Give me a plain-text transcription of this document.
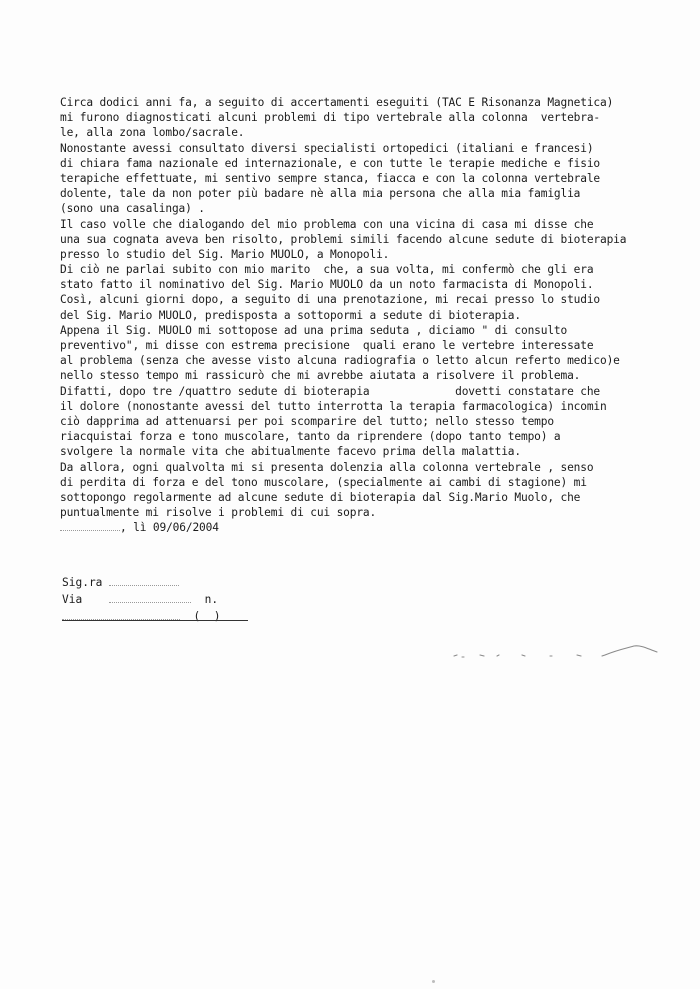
Circa dodici anni fa, a seguito di accertamenti eseguiti (TAC E Risonanza Magnetica)
mi furono diagnosticati alcuni problemi di tipo vertebrale alla colonna  vertebra-
le, alla zona lombo/sacrale.
Nonostante avessi consultato diversi specialisti ortopedici (italiani e francesi)
di chiara fama nazionale ed internazionale, e con tutte le terapie mediche e fisio
terapiche effettuate, mi sentivo sempre stanca, fiacca e con la colonna vertebrale
dolente, tale da non poter più badare nè alla mia persona che alla mia famiglia
(sono una casalinga) .
Il caso volle che dialogando del mio problema con una vicina di casa mi disse che
una sua cognata aveva ben risolto, problemi simili facendo alcune sedute di bioterapia
presso lo studio del Sig. Mario MUOLO, a Monopoli.
Di ciò ne parlai subito con mio marito  che, a sua volta, mi confermò che gli era
stato fatto il nominativo del Sig. Mario MUOLO da un noto farmacista di Monopoli.
Così, alcuni giorni dopo, a seguito di una prenotazione, mi recai presso lo studio
del Sig. Mario MUOLO, predisposta a sottopormi a sedute di bioterapia.
Appena il Sig. MUOLO mi sottopose ad una prima seduta , diciamo " di consulto
preventivo", mi disse con estrema precisione  quali erano le vertebre interessate
al problema (senza che avesse visto alcuna radiografia o letto alcun referto medico)e
nello stesso tempo mi rassicurò che mi avrebbe aiutata a risolvere il problema.
Difatti, dopo tre /quattro sedute di bioterapia             dovetti constatare che
il dolore (nonostante avessi del tutto interrotta la terapia farmacologica) incomin
ciò dapprima ad attenuarsi per poi scomparire del tutto; nello stesso tempo
riacquistai forza e tono muscolare, tanto da riprendere (dopo tanto tempo) a
svolgere la normale vita che abitualmente facevo prima della malattia.
Da allora, ogni qualvolta mi si presenta dolenzia alla colonna vertebrale , senso
di perdita di forza e del tono muscolare, (specialmente ai cambi di stagione) mi
sottopongo regolarmente ad alcune sedute di bioterapia dal Sig.Mario Muolo, che
puntualmente mi risolve i problemi di cui sopra.
, lì 09/06/2004
Sig.ra
Via	n.
(  )
